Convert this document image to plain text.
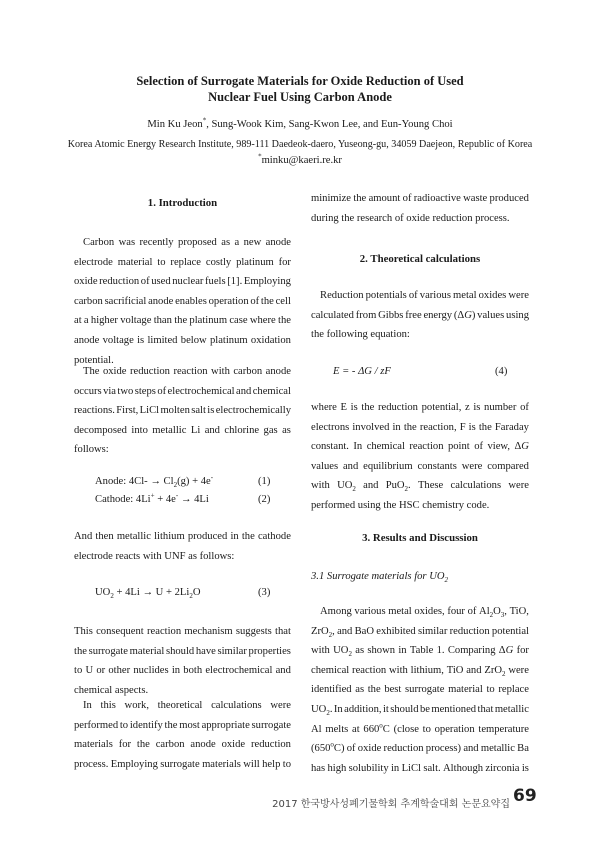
Selection of Surrogate Materials for Oxide Reduction of Used
Nuclear Fuel Using Carbon Anode
Min Ku Jeon*, Sung-Wook Kim, Sang-Kwon Lee, and Eun-Young Choi
Korea Atomic Energy Research Institute, 989-111 Daedeok-daero, Yuseong-gu, 34059 Daejeon, Republic of Korea
*minku@kaeri.re.kr
1. Introduction
Carbon was recently proposed as a new anode
electrode material to replace costly platinum for
oxide reduction of used nuclear fuels [1]. Employing
carbon sacrificial anode enables operation of the cell
at a higher voltage than the platinum case where the
anode voltage is limited below platinum oxidation
potential.
The oxide reduction reaction with carbon anode
occurs via two steps of electrochemical and chemical
reactions. First, LiCl molten salt is electrochemically
decomposed into metallic Li and chlorine gas as
follows:
Anode: $4Cl- \to Cl_2(g) + 4e^-$	(1)
Cathode: 4Li+ + 4e- → 4Li	(2)
And then metallic lithium produced in the cathode
electrode reacts with UNF as follows:
$UO_2 + 4Li \to U + 2Li_2O$	(3)
This consequent reaction mechanism suggests that
the surrogate material should have similar properties
to U or other nuclides in both electrochemical and
chemical aspects.
In this work, theoretical calculations were
performed to identify the most appropriate surrogate
materials for the carbon anode oxide reduction
process. Employing surrogate materials will help to
minimize the amount of radioactive waste produced
during the research of oxide reduction process.
2. Theoretical calculations
Reduction potentials of various metal oxides were
calculated from Gibbs free energy (ΔG) values using
the following equation:
E = - ΔG / zF	(4)
where E is the reduction potential, z is number of
electrons involved in the reaction, F is the Faraday
constant. In chemical reaction point of view, ΔG
values and equilibrium constants were compared
with $UO_2$ and PuO$_2$. These calculations were
performed using the HSC chemistry code.
3. Results and Discussion
3.1 Surrogate materials for $UO_2$
Among various metal oxides, four of $Al_2O_3$, TiO,
ZrO$_2$, and BaO exhibited similar reduction potential
with $UO_2$ as shown in Table 1. Comparing ΔG for
chemical reaction with lithium, TiO and ZrO$_2$ were
identified as the best surrogate material to replace
$UO_2$. In addition, it should be mentioned that metallic
Al melts at 660$^o$C (close to operation temperature
(650$^o$C) of oxide reduction process) and metallic Ba
has high solubility in LiCl salt. Although zirconia is
2017 한국방사성폐기물학회 추계학술대회 논문요약집 69
